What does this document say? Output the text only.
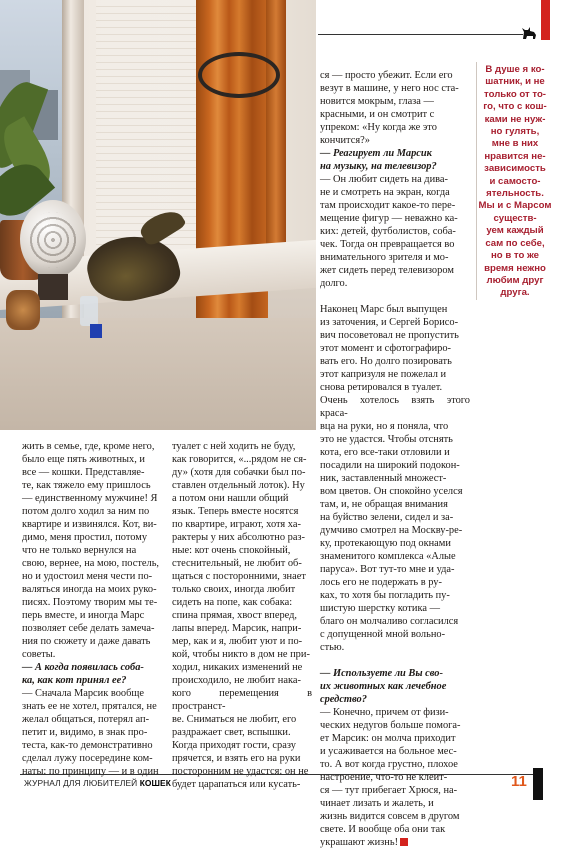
В душе я ко-
шатник, и не
только от то-
го, что с кош-
ками не нуж-
но гулять,
мне в них
нравится не-
зависимость
и самосто-
ятельность.
Мы и с Марсом
существ-
уем каждый
сам по себе,
но в то же
время нежно
любим друг
друга.

ся — просто убежит. Если его

везут в машине, у него нос ста-

новится мокрым, глаза —

красными, и он смотрит с

упреком: «Ну когда же это

кончится?»

— Реагирует ли Марсик

на музыку, на телевизор?

— Он любит сидеть на дива-

не и смотреть на экран, когда

там происходит какое-то пере-

мещение фигур — неважно ка-

ких: детей, футболистов, соба-

чек. Тогда он превращается во

внимательного зрителя и мо-

жет сидеть перед телевизором

долго.

Наконец Марс был выпущен

из заточения, и Сергей Борисо-

вич посоветовал не пропустить

этот момент и сфотографиро-

вать его. Но долго позировать

этот капризуля не пожелал и

снова ретировался в туалет.

Очень хотелось взять этого краса-

вца на руки, но я поняла, что

это не удастся. Чтобы отснять

кота, его все-таки отловили и

посадили на широкий подокон-

ник, заставленный множест-

вом цветов. Он спокойно уселся

там, и, не обращая внимания

на буйство зелени, сидел и за-

думчиво смотрел на Москву-ре-

ку, протекающую под окнами

знаменитого комплекса «Алые

паруса». Вот тут-то мне и уда-

лось его не подержать в ру-

ках, то хотя бы погладить пу-

шистую шерстку котика —

благо он молчаливо согласился

с допущенной мной вольно-

стью.

— Используете ли Вы сво-

их животных как лечебное

средство?

— Конечно, причем от физи-

ческих недугов больше помога-

ет Марсик: он молча приходит

и усаживается на больное мес-

то. А вот когда грустно, плохое

настроение, что-то не клеит-

ся — тут прибегает Хрюся, на-

чинает лизать и жалеть, и

жизнь видится совсем в другом

свете. И вообще оба они так

украшают жизнь!

жить в семье, где, кроме него,

было еще пять животных, и

все — кошки. Представляе-

те, как тяжело ему пришлось

— единственному мужчине! Я

потом долго ходил за ним по

квартире и извинялся. Кот, ви-

димо, меня простил, потому

что не только вернулся на

свою, вернее, на мою, постель,

но и удостоил меня чести по-

валяться иногда на моих руко-

писях. Поэтому творим мы те-

перь вместе, и иногда Марс

позволяет себе делать замеча-

ния по сюжету и даже давать

советы.

— А когда появилась соба-

ка, как кот принял ее?

— Сначала Марсик вообще

знать ее не хотел, прятался, не

желал общаться, потерял ап-

петит и, видимо, в знак про-

теста, как-то демонстративно

сделал лужу посередине ком-

наты: по принципу — и в один

туалет с ней ходить не буду,

как говорится, «...рядом не ся-

ду» (хотя для собачки был по-

ставлен отдельный лоток). Ну

а потом они нашли общий

язык. Теперь вместе носятся

по квартире, играют, хотя ха-

рактеры у них абсолютно раз-

ные: кот очень спокойный,

стеснительный, не любит об-

щаться с посторонними, знает

только своих, иногда любит

сидеть на попе, как собака:

спина прямая, хвост вперед,

лапы вперед. Марсик, напри-

мер, как и я, любит уют и по-

кой, чтобы никто в дом не при-

ходил, никаких изменений не

происходило, не любит нака-

кого перемещения в пространст-

ве. Сниматься не любит, его

раздражает свет, вспышки.

Когда приходят гости, сразу

прячется, и взять его на руки

посторонним не удастся: он не

будет царапаться или кусать-

ЖУРНАЛ ДЛЯ ЛЮБИТЕЛЕЙ КОШЕК	11
